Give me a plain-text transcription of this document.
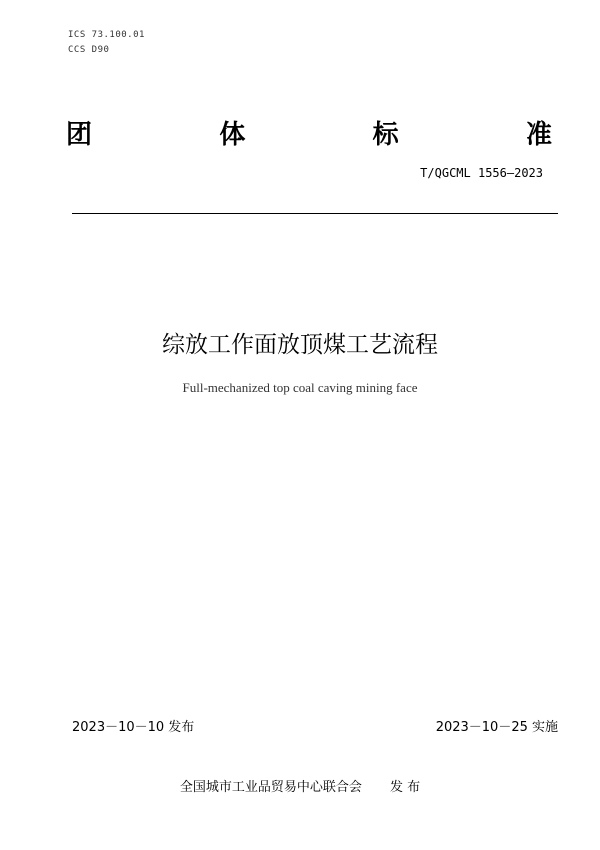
ICS 73.100.01
CCS D90
团	体	标	准
T/QGCML 1556—2023
综放工作面放顶煤工艺流程
Full-mechanized top coal caving mining face
2023－10－10 发布	2023－10－25 实施
全国城市工业品贸易中心联合会 发 布
